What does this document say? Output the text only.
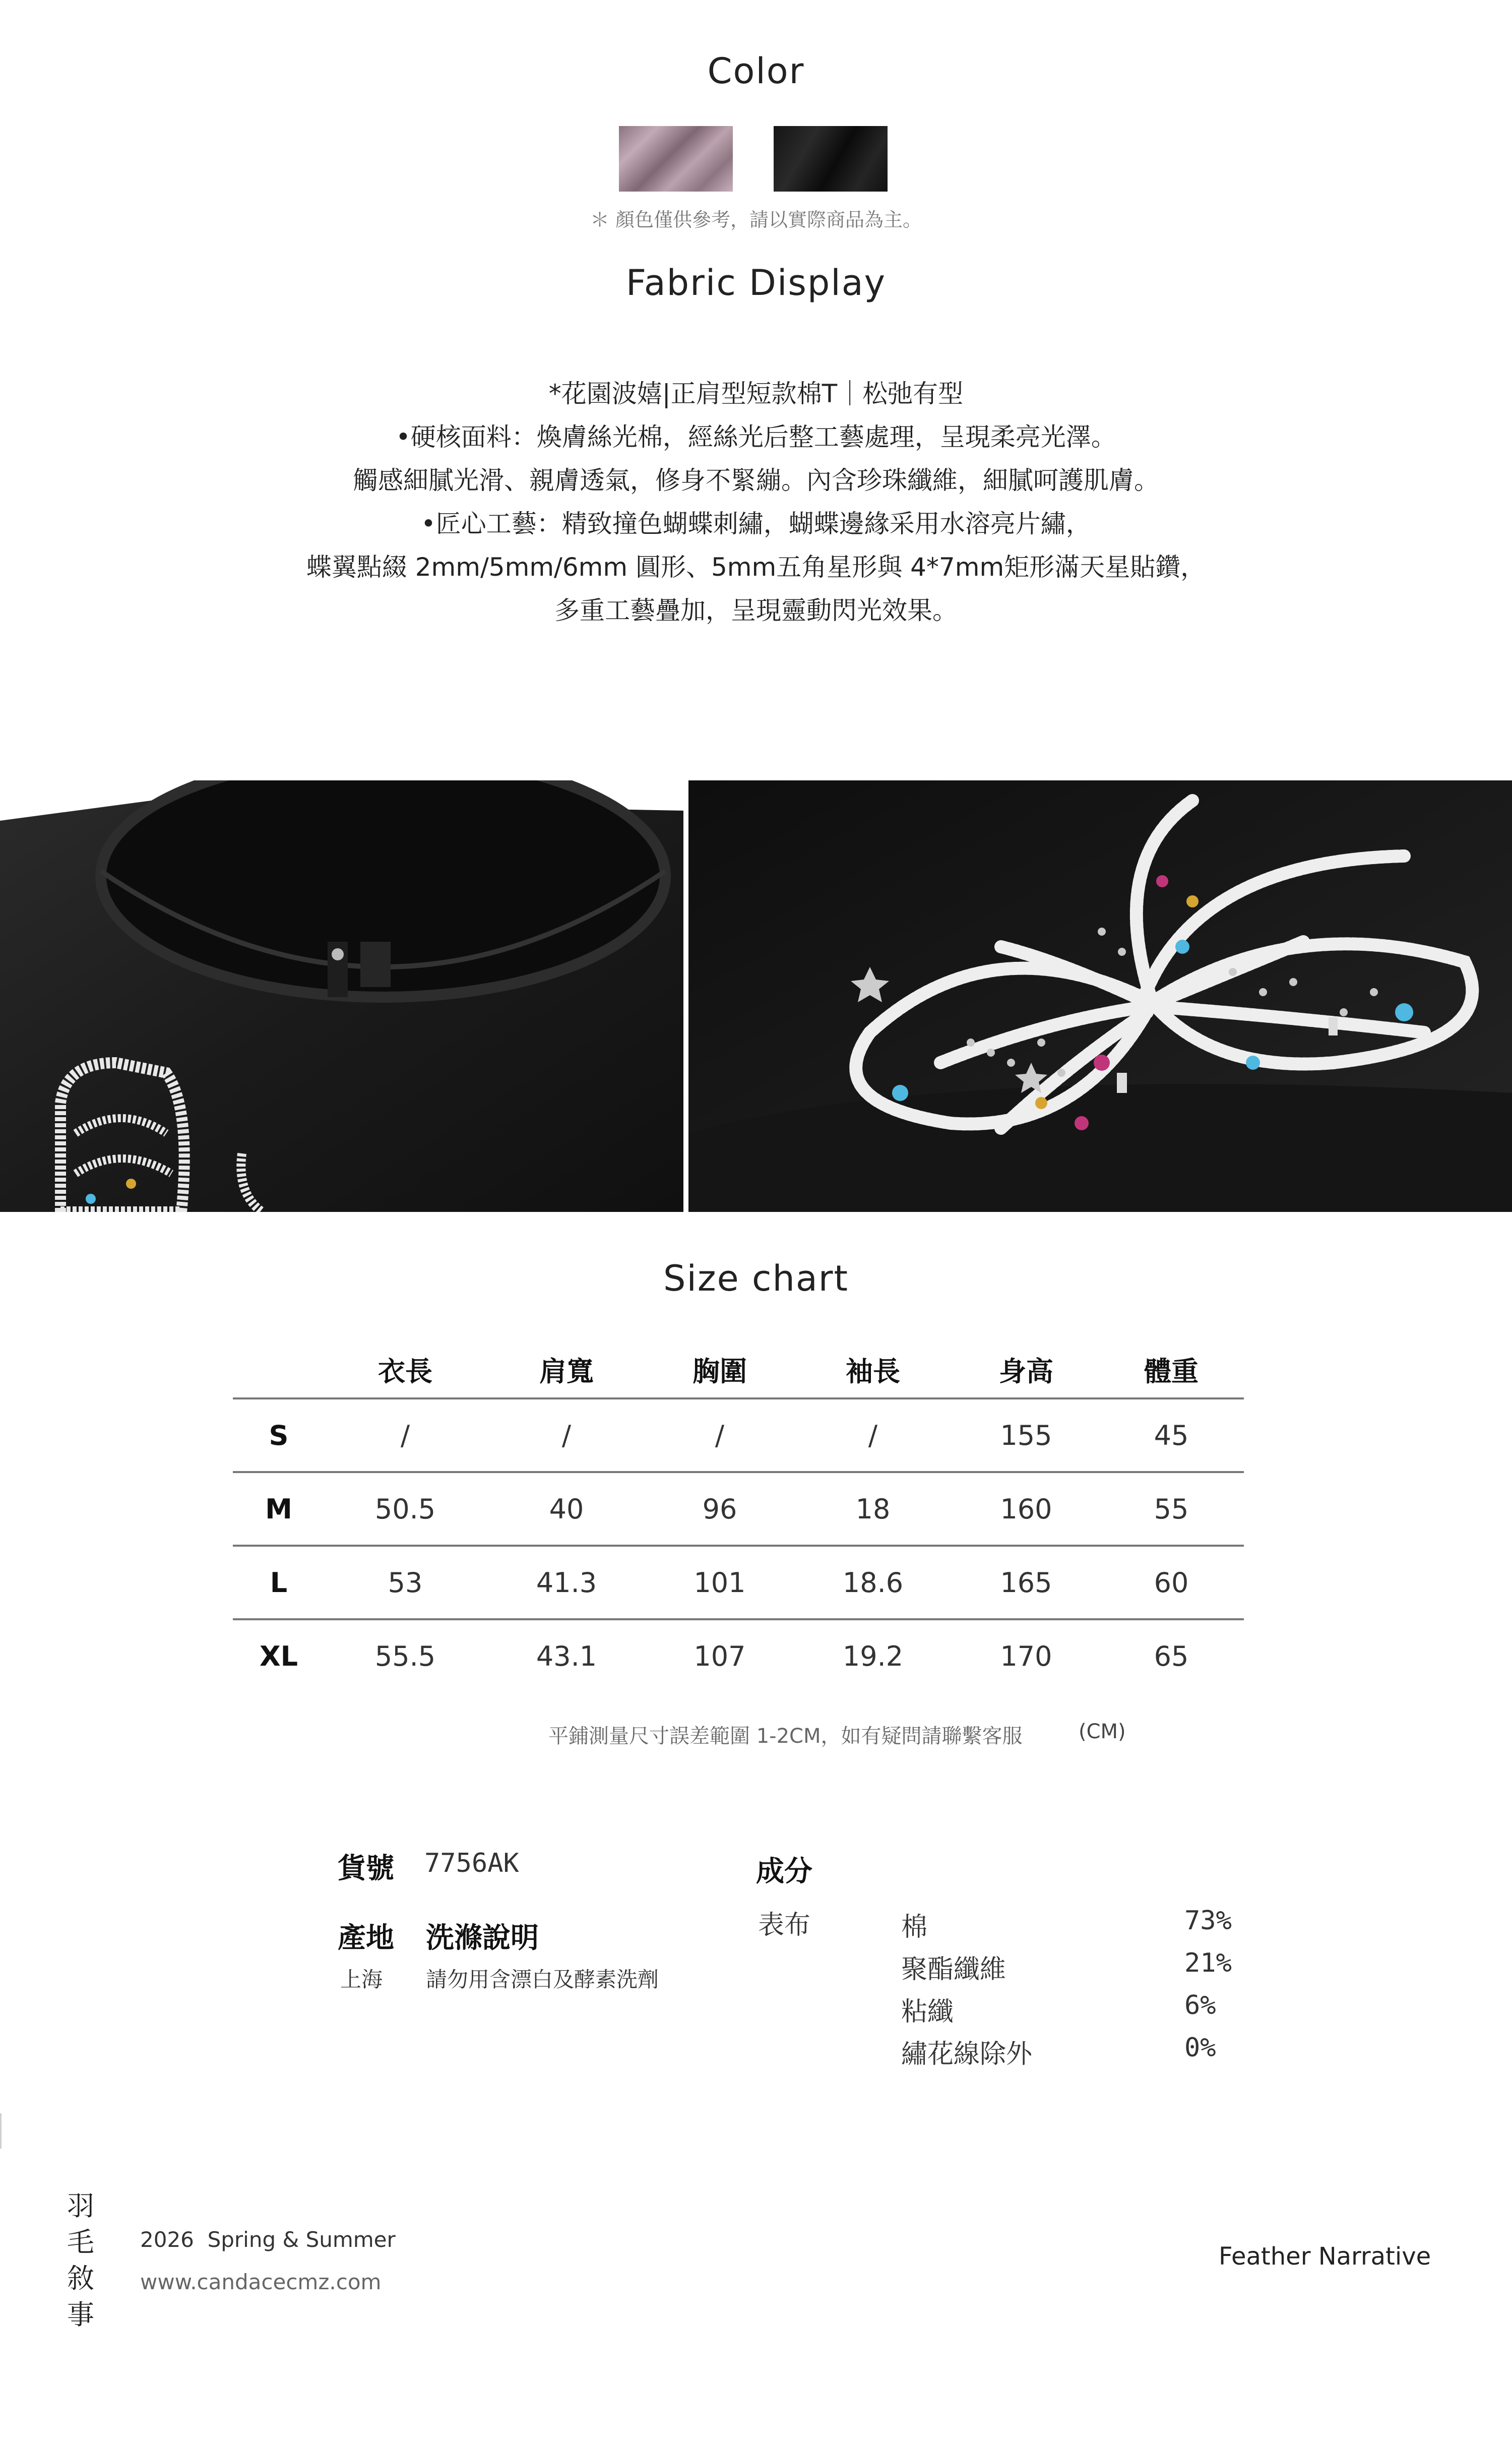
Color
＊ 顏色僅供參考，請以實際商品為主。
Fabric Display
*花園波嬉|正肩型短款棉T｜松弛有型
•硬核面料：煥膚絲光棉，經絲光后整工藝處理，呈現柔亮光澤。
觸感細膩光滑、親膚透氣，修身不緊繃。內含珍珠纖維，細膩呵護肌膚。
•匠心工藝：精致撞色蝴蝶刺繡，蝴蝶邊緣采用水溶亮片繡，
蝶翼點綴 2mm/5mm/6mm 圓形、5mm五角星形與 4*7mm矩形滿天星貼鑽，
多重工藝疊加，呈現靈動閃光效果。
Size chart
	衣長	肩寬	胸圍	袖長	身高	體重
S	/	/	/	/	155	45
M	50.5	40	96	18	160	55
L	53	41.3	101	18.6	165	60
XL	55.5	43.1	107	19.2	170	65
平鋪測量尺寸誤差範圍 1-2CM，如有疑問請聯繫客服	(CM)
貨號 7756AK
產地 洗滌說明
上海 請勿用含漂白及酵素洗劑
成分
表布	棉	73%
聚酯纖維	21%
粘纖	6%
繡花線除外	0%
羽
毛
敘
事
2026  Spring & Summer
www.candacecmz.com
Feather Narrative
